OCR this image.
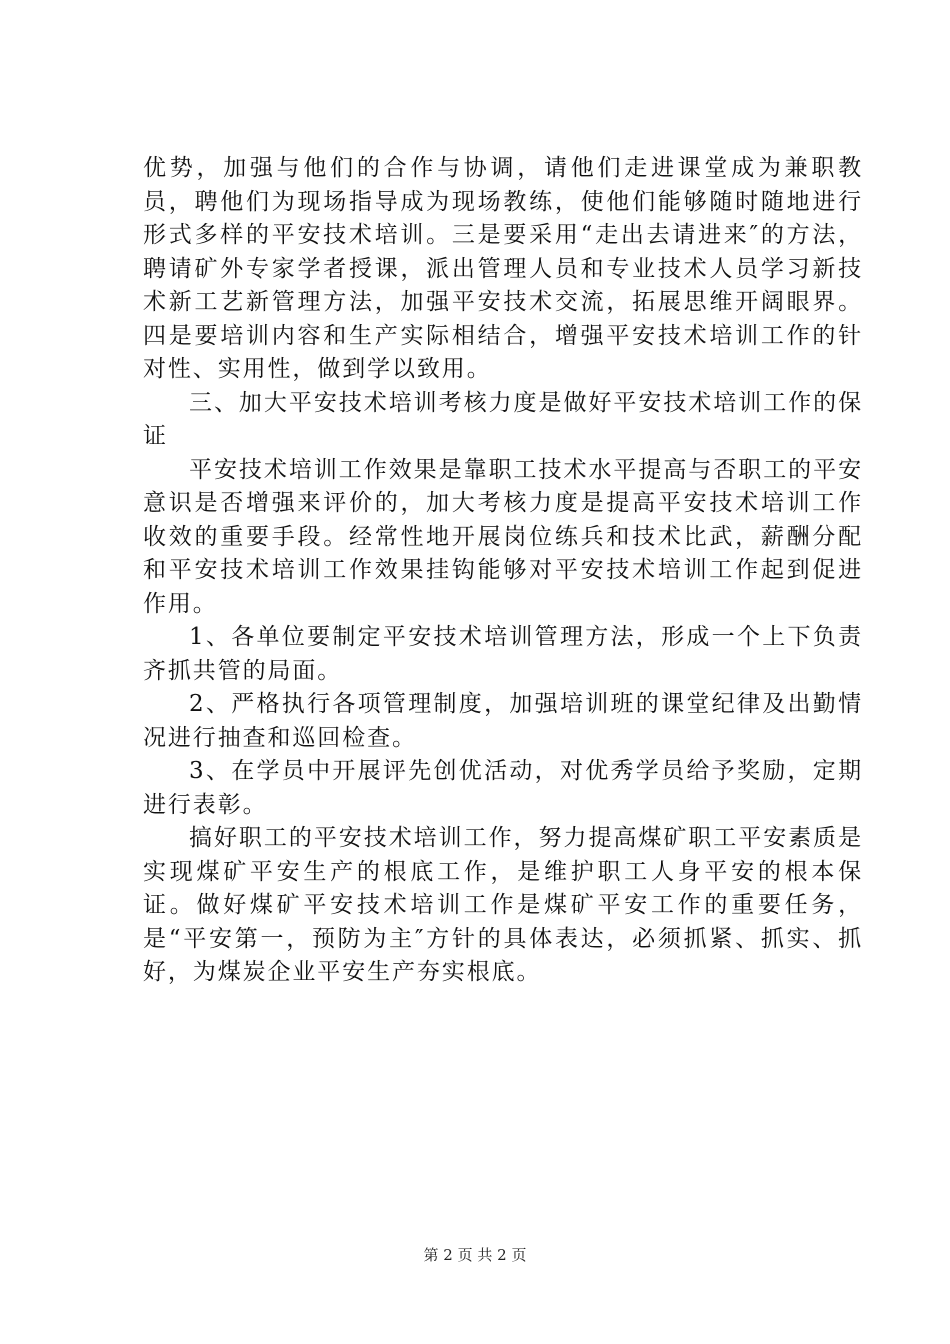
优势，加强与他们的合作与协调，请他们走进课堂成为兼职教员，聘他们为现场指导成为现场教练，使他们能够随时随地进行形式多样的平安技术培训。三是要采用“走出去请进来″的方法，聘请矿外专家学者授课，派出管理人员和专业技术人员学习新技术新工艺新管理方法，加强平安技术交流，拓展思维开阔眼界。四是要培训内容和生产实际相结合，增强平安技术培训工作的针对性、实用性，做到学以致用。

三、加大平安技术培训考核力度是做好平安技术培训工作的保证

平安技术培训工作效果是靠职工技术水平提高与否职工的平安意识是否增强来评价的，加大考核力度是提高平安技术培训工作收效的重要手段。经常性地开展岗位练兵和技术比武，薪酬分配和平安技术培训工作效果挂钩能够对平安技术培训工作起到促进作用。

1、各单位要制定平安技术培训管理方法，形成一个上下负责齐抓共管的局面。

2、严格执行各项管理制度，加强培训班的课堂纪律及出勤情况进行抽查和巡回检查。

3、在学员中开展评先创优活动，对优秀学员给予奖励，定期进行表彰。

搞好职工的平安技术培训工作，努力提高煤矿职工平安素质是实现煤矿平安生产的根底工作，是维护职工人身平安的根本保证。做好煤矿平安技术培训工作是煤矿平安工作的重要任务，是“平安第一，预防为主″方针的具体表达，必须抓紧、抓实、抓好，为煤炭企业平安生产夯实根底。

第 2 页 共 2 页
